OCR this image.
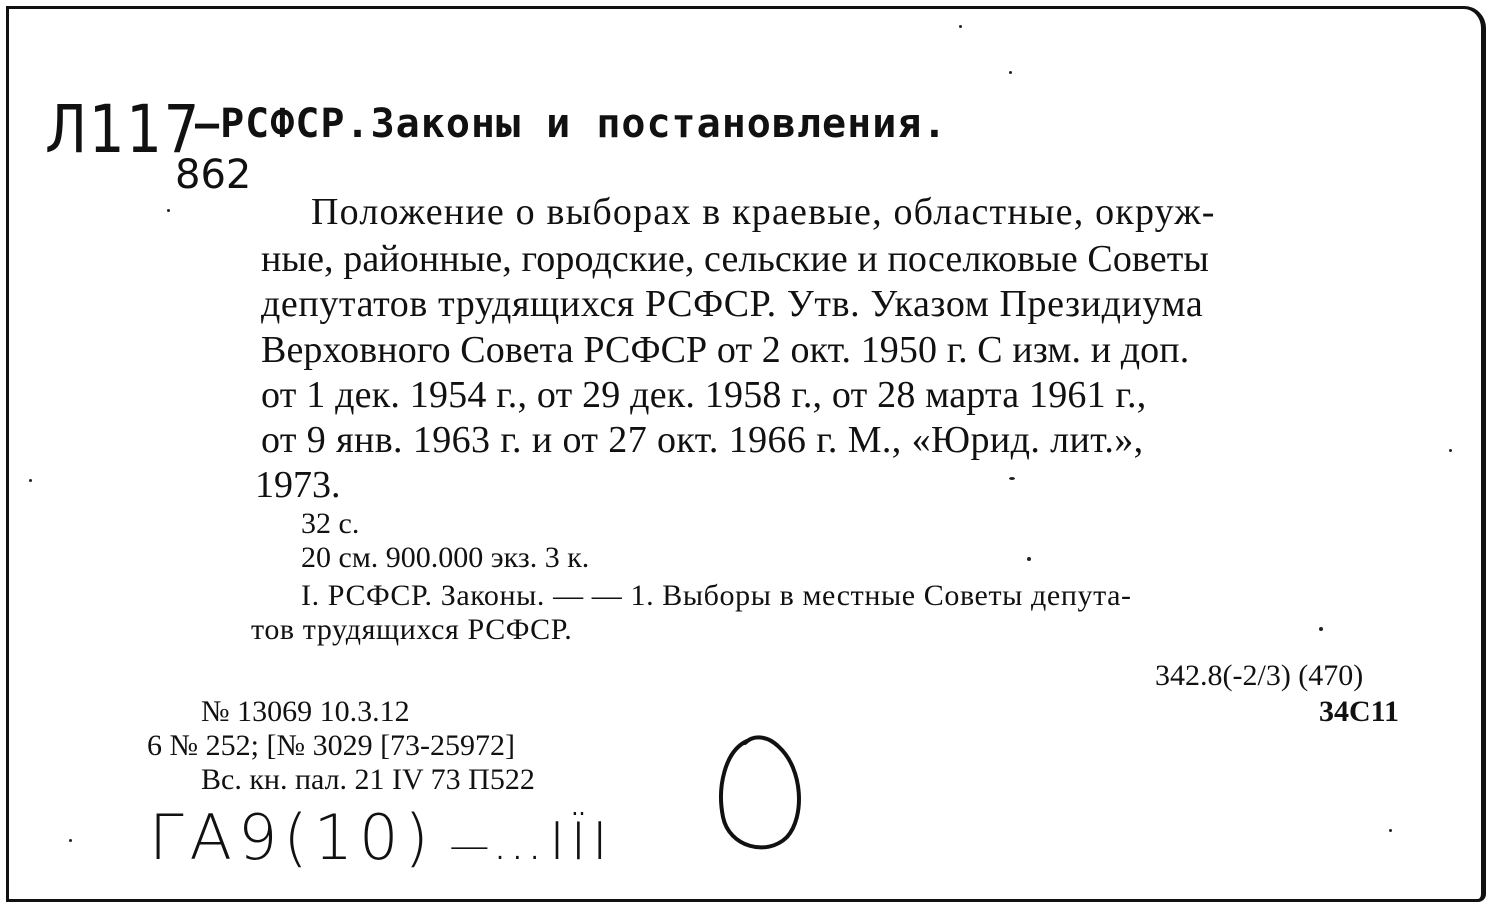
Л117
862
—РСФСР.Законы и постановления.
Положение о выборах в краевые, областные, окруж-
ные, районные, городские, сельские и поселковые Советы
депутатов трудящихся РСФСР. Утв. Указом Президиума
Верховного Совета РСФСР от 2 окт. 1950 г. С изм. и доп.
от 1 дек. 1954 г., от 29 дек. 1958 г., от 28 марта 1961 г.,
от 9 янв. 1963 г. и от 27 окт. 1966 г. М., «Юрид. лит.»,
1973.
32 с.
20 см. 900.000 экз. 3 к.
I. РСФСР. Законы. — — 1. Выборы в местные Советы депута-
тов трудящихся РСФСР.
342.8(-2/3) (470)
34С11
№ 13069 10.3.12
6 № 252; [№ 3029 [73-25972]
Вс. кн. пал. 21 IV 73 П522
ГА9(10) —…ІЇІ
